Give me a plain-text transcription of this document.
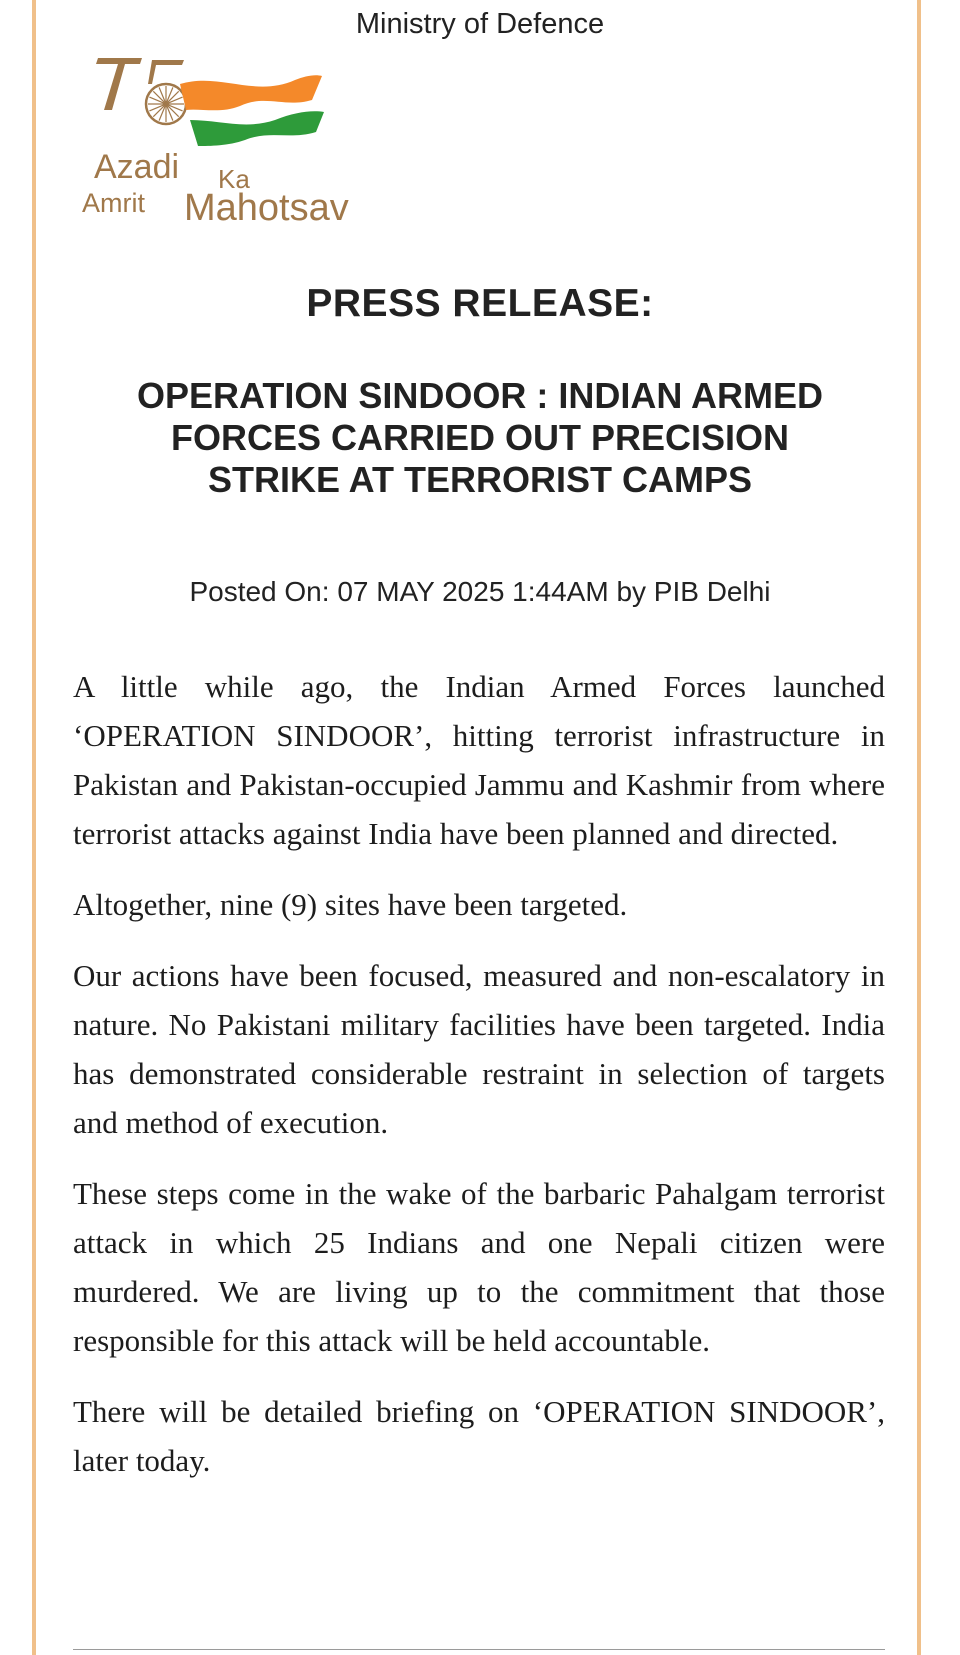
Ministry of Defence
Azadi Ka
Amrit Mahotsav
PRESS RELEASE:
OPERATION SINDOOR : INDIAN ARMED
FORCES CARRIED OUT PRECISION
STRIKE AT TERRORIST CAMPS
Posted On: 07 MAY 2025 1:44AM by PIB Delhi

A little while ago, the Indian Armed Forces launched ‘OPERATION SINDOOR’, hitting terrorist infrastructure in Pakistan and Pakistan-occupied Jammu and Kashmir from where terrorist attacks against India have been planned and directed.

Altogether, nine (9) sites have been targeted.

Our actions have been focused, measured and non-escalatory in nature. No Pakistani military facilities have been targeted. India has demonstrated considerable restraint in selection of targets and method of execution.

These steps come in the wake of the barbaric Pahalgam terrorist attack in which 25 Indians and one Nepali citizen were murdered. We are living up to the commitment that those responsible for this attack will be held accountable.

There will be detailed briefing on ‘OPERATION SINDOOR’, later today.
